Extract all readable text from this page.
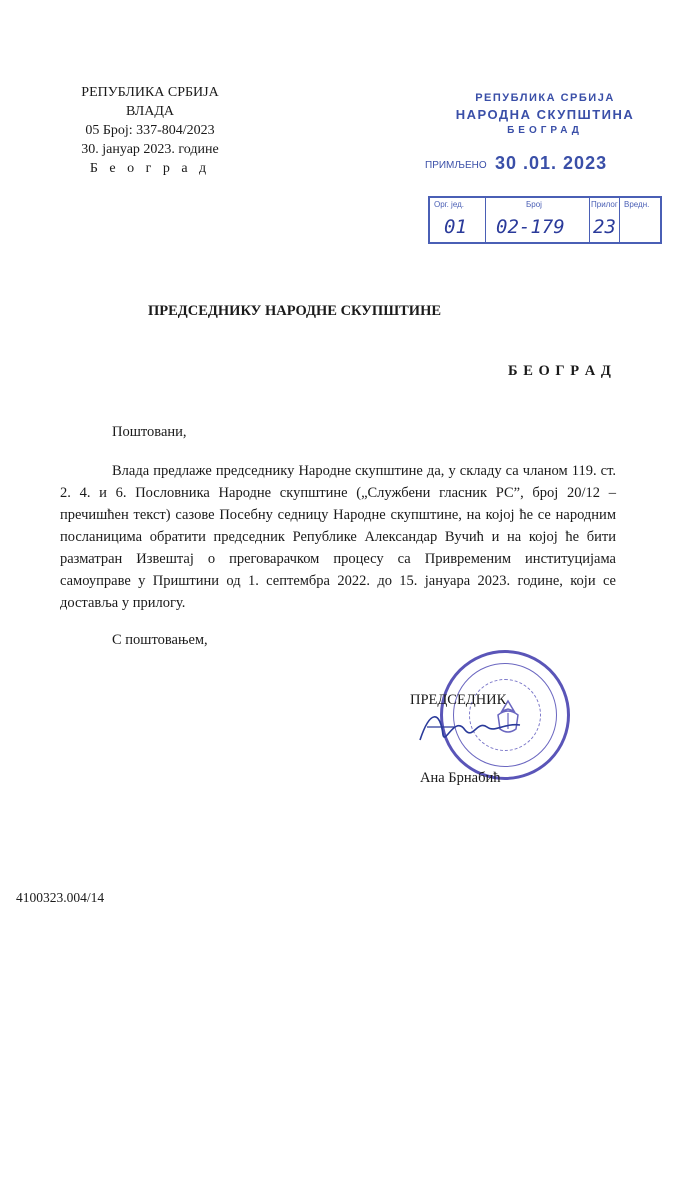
РЕПУБЛИКА СРБИЈА
ВЛАДА
05 Број: 337-804/2023
30. јануар 2023. године
Б е о г р а д
РЕПУБЛИКА СРБИЈА
НАРОДНА СКУПШТИНА
БЕОГРАД
ПРИМЉЕНО 30 .01. 2023
Орг. јед.
01
Број
02-179
Прилог
23
Вредн.
ПРЕДСЕДНИКУ НАРОДНЕ СКУПШТИНЕ
Б Е О Г Р А Д
Поштовани,
Влада предлаже председнику Народне скупштине да, у складу са чланом 119. ст. 2. 4. и 6. Пословника Народне скупштине („Службени гласник РС”, број 20/12 – пречишћен текст) сазове Посебну седницу Народне скупштине, на којој ће се народним посланицима обратити председник Републике Александар Вучић и на којој ће бити разматран Извештај о преговарачком процесу са Привременим институцијама самоуправе у Приштини од 1. септембра 2022. до 15. јануара 2023. године, који се доставља у прилогу.
С поштовањем,
ПРЕДСЕДНИК
Ана Брнабић
4100323.004/14
